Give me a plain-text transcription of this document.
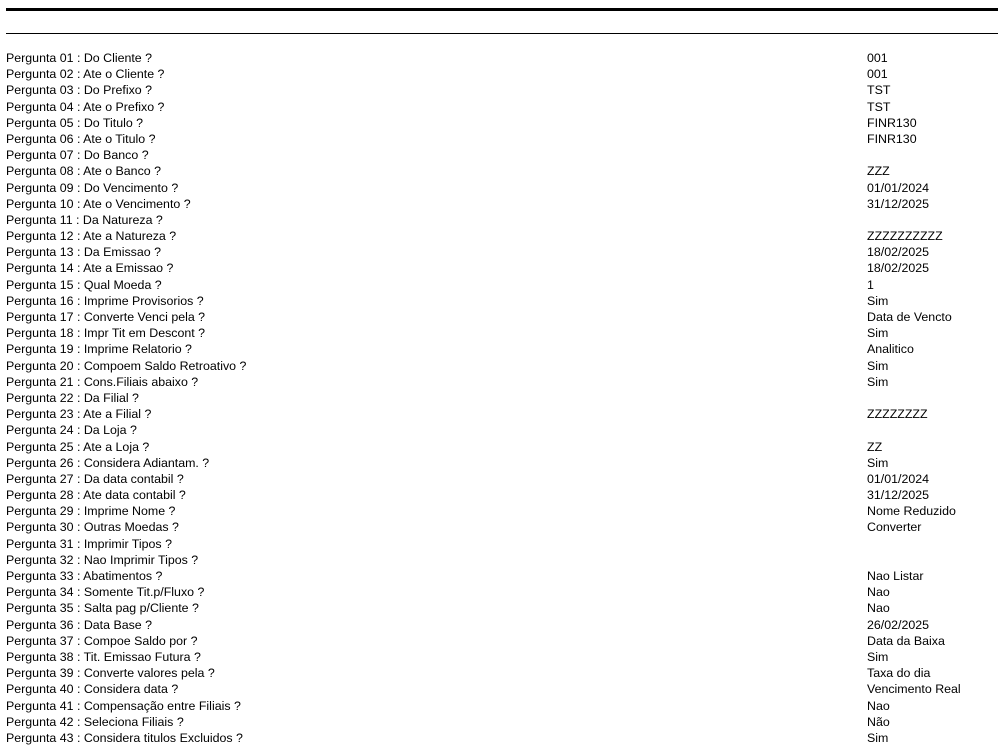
Pergunta 01 : Do Cliente ?	001
Pergunta 02 : Ate o Cliente ?	001
Pergunta 03 : Do Prefixo ?	TST
Pergunta 04 : Ate o Prefixo ?	TST
Pergunta 05 : Do Titulo ?	FINR130
Pergunta 06 : Ate o Titulo ?	FINR130
Pergunta 07 : Do Banco ?
Pergunta 08 : Ate o Banco ?	ZZZ
Pergunta 09 : Do Vencimento ?	01/01/2024
Pergunta 10 : Ate o Vencimento ?	31/12/2025
Pergunta 11 : Da Natureza ?
Pergunta 12 : Ate a Natureza ?	ZZZZZZZZZZ
Pergunta 13 : Da Emissao ?	18/02/2025
Pergunta 14 : Ate a Emissao ?	18/02/2025
Pergunta 15 : Qual Moeda ?	1
Pergunta 16 : Imprime Provisorios ?	Sim
Pergunta 17 : Converte Venci pela ?	Data de Vencto
Pergunta 18 : Impr Tit em Descont ?	Sim
Pergunta 19 : Imprime Relatorio ?	Analitico
Pergunta 20 : Compoem Saldo Retroativo ?	Sim
Pergunta 21 : Cons.Filiais abaixo ?	Sim
Pergunta 22 : Da Filial ?
Pergunta 23 : Ate a Filial ?	ZZZZZZZZ
Pergunta 24 : Da Loja ?
Pergunta 25 : Ate a Loja ?	ZZ
Pergunta 26 : Considera Adiantam. ?	Sim
Pergunta 27 : Da data contabil ?	01/01/2024
Pergunta 28 : Ate data contabil ?	31/12/2025
Pergunta 29 : Imprime Nome ?	Nome Reduzido
Pergunta 30 : Outras Moedas ?	Converter
Pergunta 31 : Imprimir Tipos ?
Pergunta 32 : Nao Imprimir Tipos ?
Pergunta 33 : Abatimentos ?	Nao Listar
Pergunta 34 : Somente Tit.p/Fluxo ?	Nao
Pergunta 35 : Salta pag p/Cliente ?	Nao
Pergunta 36 : Data Base ?	26/02/2025
Pergunta 37 : Compoe Saldo por ?	Data da Baixa
Pergunta 38 : Tit. Emissao Futura ?	Sim
Pergunta 39 : Converte valores pela ?	Taxa do dia
Pergunta 40 : Considera data ?	Vencimento Real
Pergunta 41 : Compensação entre Filiais ?	Nao
Pergunta 42 : Seleciona Filiais ?	Não
Pergunta 43 : Considera titulos Excluidos ?	Sim
